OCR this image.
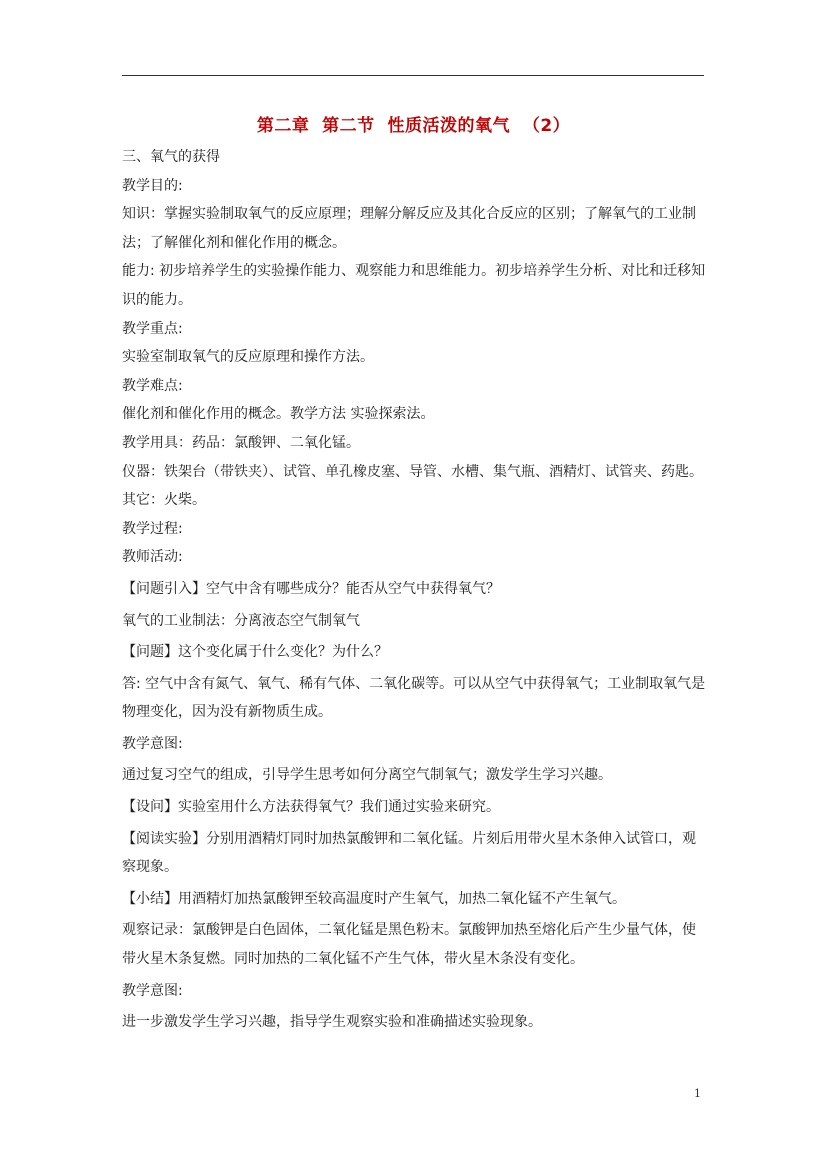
第二章  第二节  性质活泼的氧气  （2）

三、氧气的获得

教学目的:

知识：掌握实验制取氧气的反应原理；理解分解反应及其化合反应的区别；了解氧气的工业制法；了解催化剂和催化作用的概念。

能力: 初步培养学生的实验操作能力、观察能力和思维能力。初步培养学生分析、对比和迁移知识的能力。

教学重点:

实验室制取氧气的反应原理和操作方法。

教学难点:

催化剂和催化作用的概念。教学方法 实验探索法。

教学用具：药品：氯酸钾、二氧化锰。

仪器：铁架台（带铁夹）、试管、单孔橡皮塞、导管、水槽、集气瓶、酒精灯、试管夹、药匙。其它：火柴。

教学过程:

教师活动:

【问题引入】空气中含有哪些成分？能否从空气中获得氧气？

氧气的工业制法：分离液态空气制氧气

【问题】这个变化属于什么变化？为什么？

答: 空气中含有氮气、氧气、稀有气体、二氧化碳等。可以从空气中获得氧气；工业制取氧气是物理变化，因为没有新物质生成。

教学意图:

通过复习空气的组成，引导学生思考如何分离空气制氧气；激发学生学习兴趣。

【设问】实验室用什么方法获得氧气？我们通过实验来研究。

【阅读实验】分别用酒精灯同时加热氯酸钾和二氧化锰。片刻后用带火星木条伸入试管口，观察现象。

【小结】用酒精灯加热氯酸钾至较高温度时产生氧气，加热二氧化锰不产生氧气。

观察记录：氯酸钾是白色固体，二氧化锰是黑色粉末。氯酸钾加热至熔化后产生少量气体，使带火星木条复燃。同时加热的二氧化锰不产生气体，带火星木条没有变化。

教学意图:

进一步激发学生学习兴趣，指导学生观察实验和准确描述实验现象。

1
